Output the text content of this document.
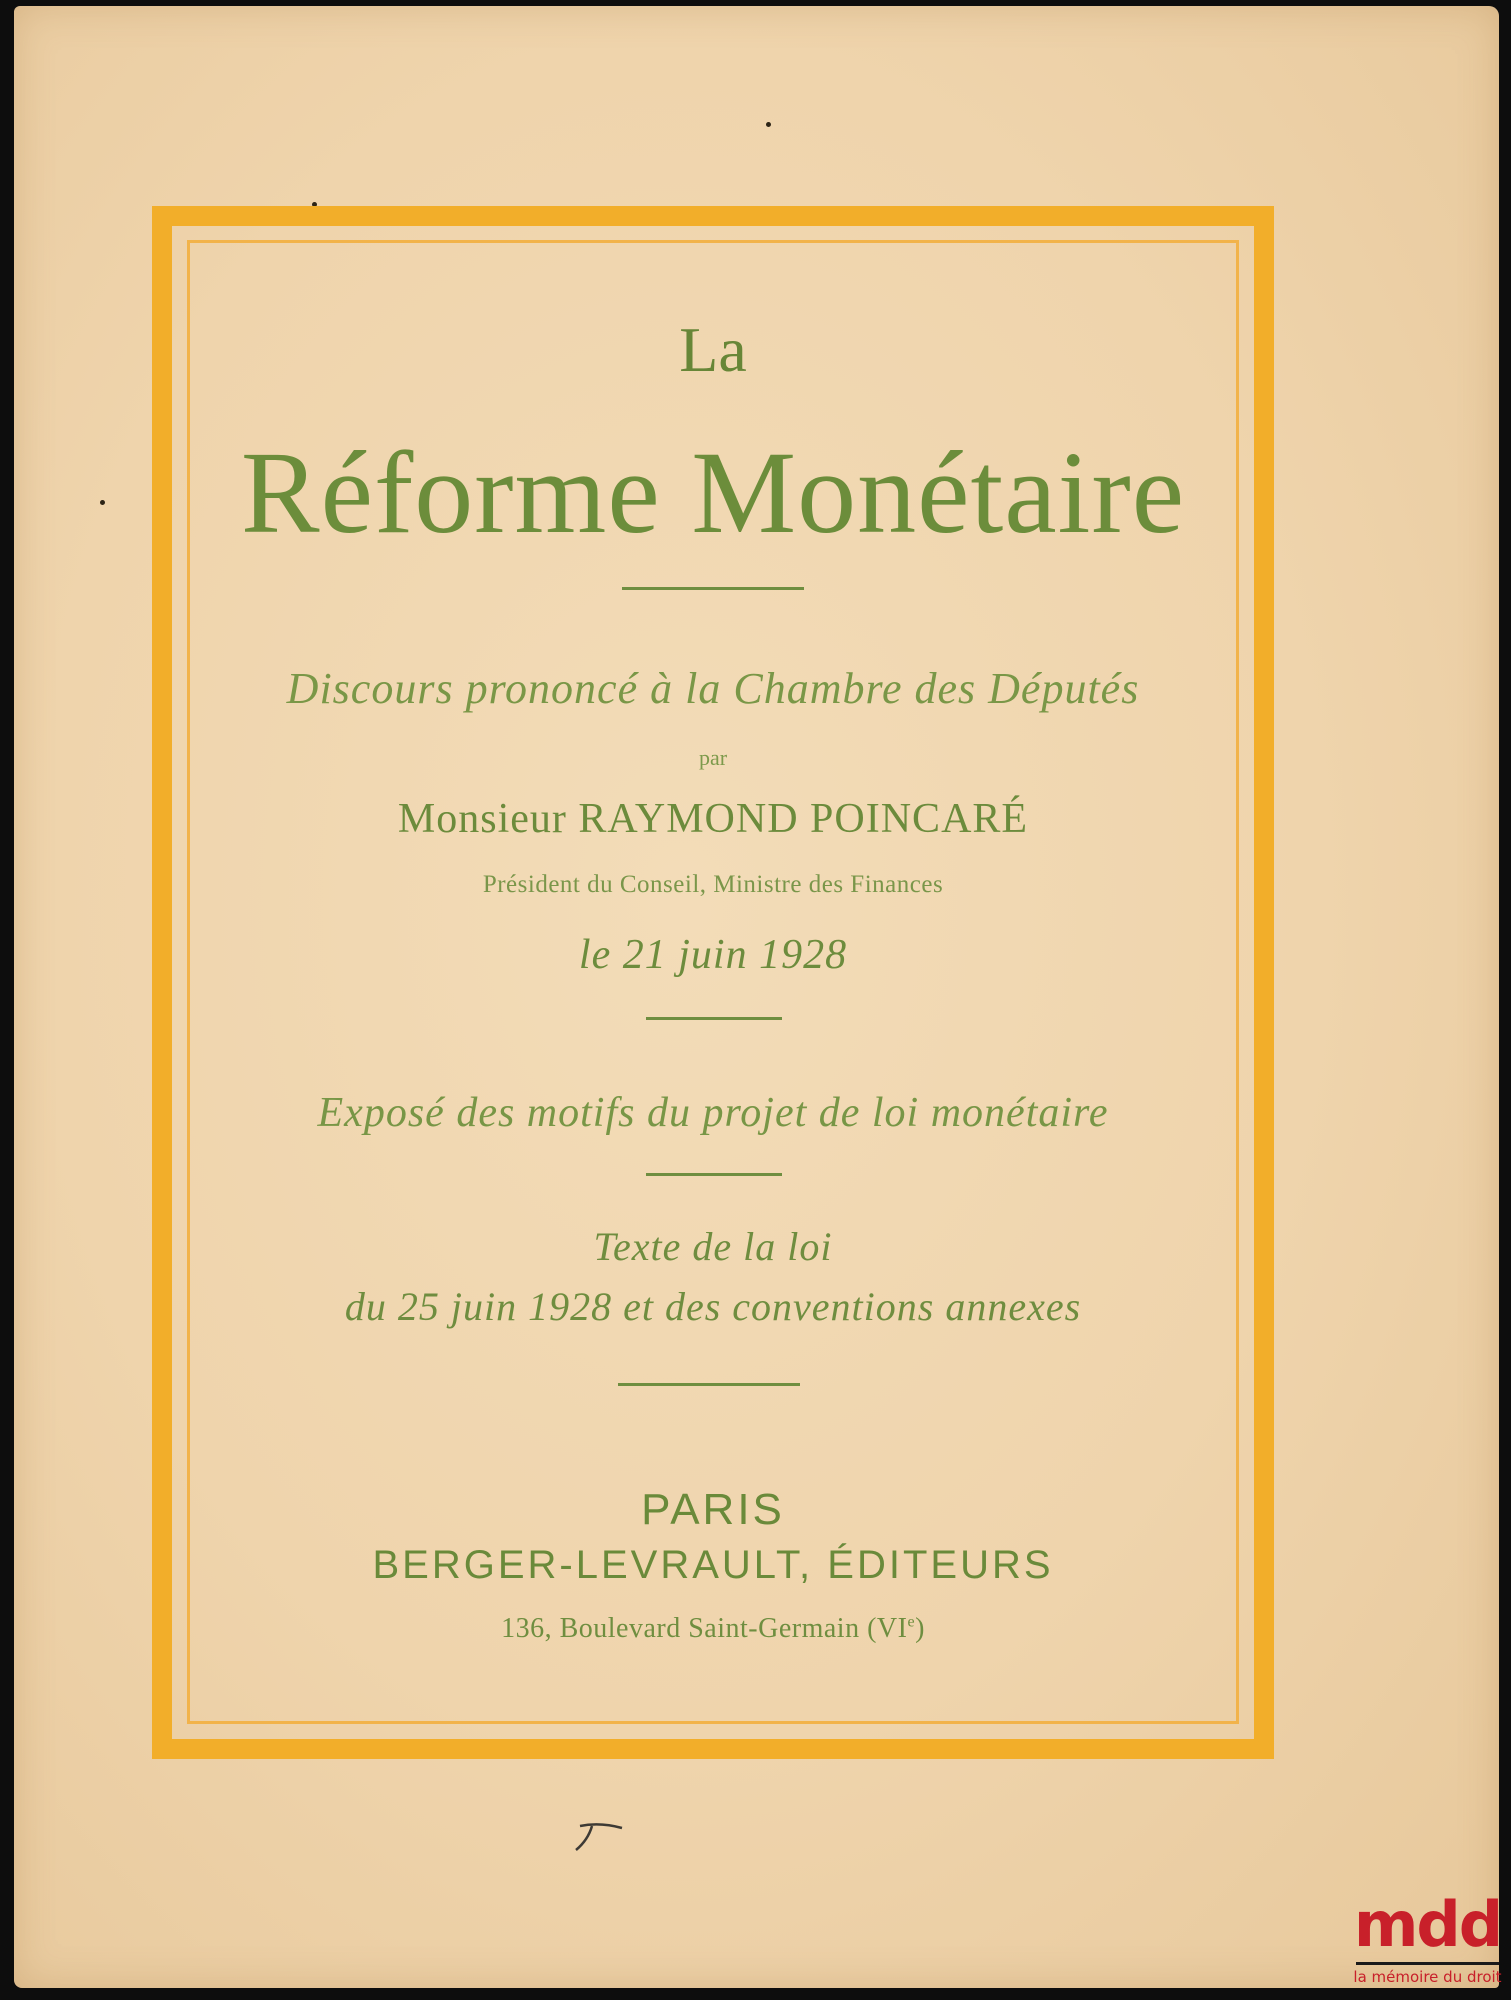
La

Réforme Monétaire

Discours prononcé à la Chambre des Députés

par

Monsieur RAYMOND POINCARÉ

Président du Conseil, Ministre des Finances

le 21 juin 1928

Exposé des motifs du projet de loi monétaire

Texte de la loi

du 25 juin 1928 et des conventions annexes

PARIS

BERGER-LEVRAULT, ÉDITEURS

136, Boulevard Saint-Germain (VIe)

mdd
la mémoire du droit
